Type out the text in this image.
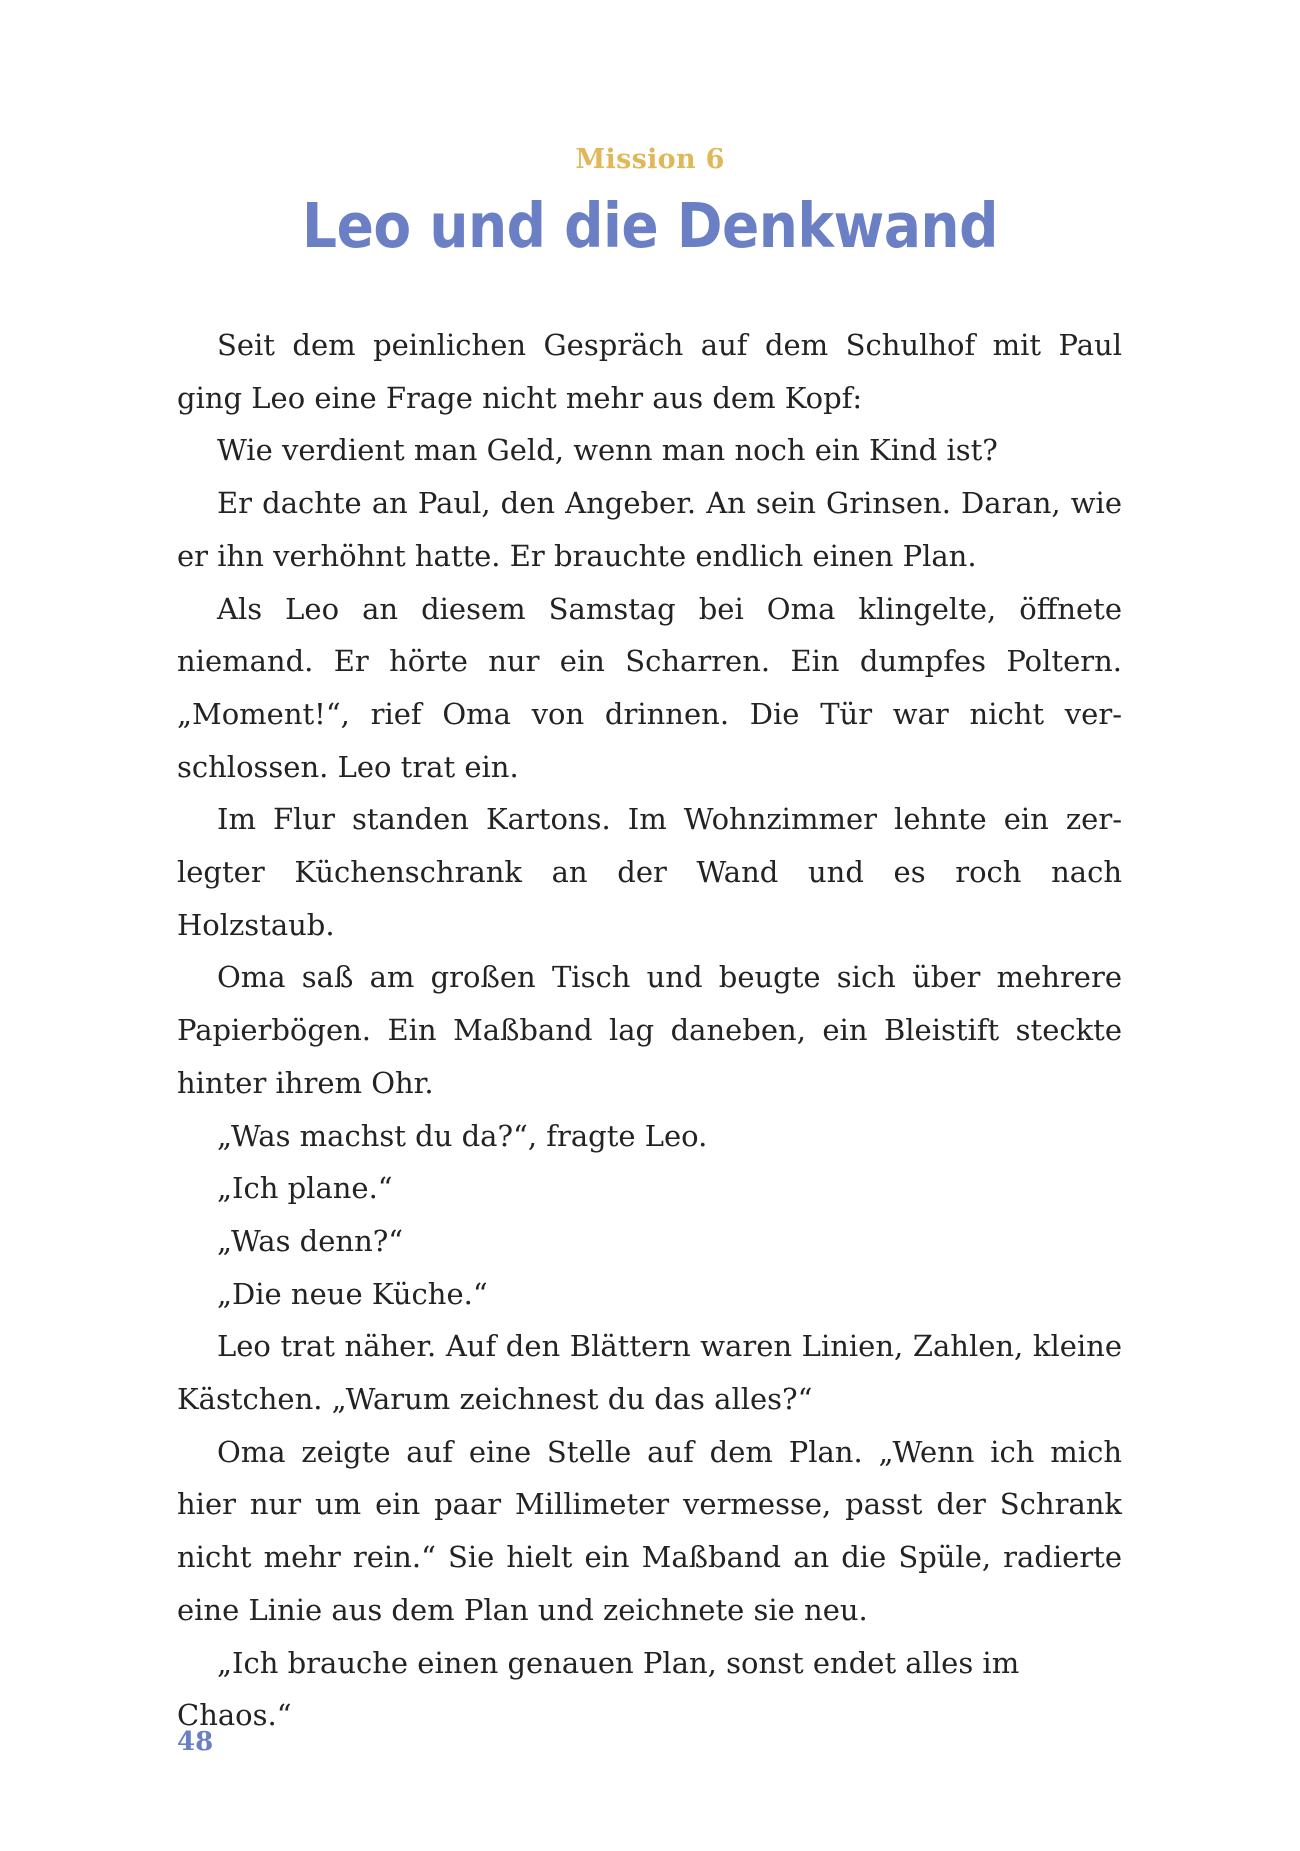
Mission 6
Leo und die Denkwand

Seit dem peinlichen Gespräch auf dem Schulhof mit Paul ging Leo eine Frage nicht mehr aus dem Kopf:

Wie verdient man Geld, wenn man noch ein Kind ist?

Er dachte an Paul, den Angeber. An sein Grinsen. Daran, wie er ihn verhöhnt hatte. Er brauchte endlich einen Plan.

Als Leo an diesem Samstag bei Oma klingelte, öffnete niemand. Er hörte nur ein Scharren. Ein dumpfes Poltern. „Moment!“, rief Oma von drinnen. Die Tür war nicht verschlossen. Leo trat ein.

Im Flur standen Kartons. Im Wohnzimmer lehnte ein zerlegter Küchenschrank an der Wand und es roch nach Holzstaub.

Oma saß am großen Tisch und beugte sich über mehrere Papierbögen. Ein Maßband lag daneben, ein Bleistift steckte hinter ihrem Ohr.

„Was machst du da?“, fragte Leo.

„Ich plane.“

„Was denn?“

„Die neue Küche.“

Leo trat näher. Auf den Blättern waren Linien, Zahlen, kleine Kästchen. „Warum zeichnest du das alles?“

Oma zeigte auf eine Stelle auf dem Plan. „Wenn ich mich hier nur um ein paar Millimeter vermesse, passt der Schrank nicht mehr rein.“ Sie hielt ein Maßband an die Spüle, radierte eine Linie aus dem Plan und zeichnete sie neu.

„Ich brauche einen genauen Plan, sonst endet alles im Chaos.“

48
